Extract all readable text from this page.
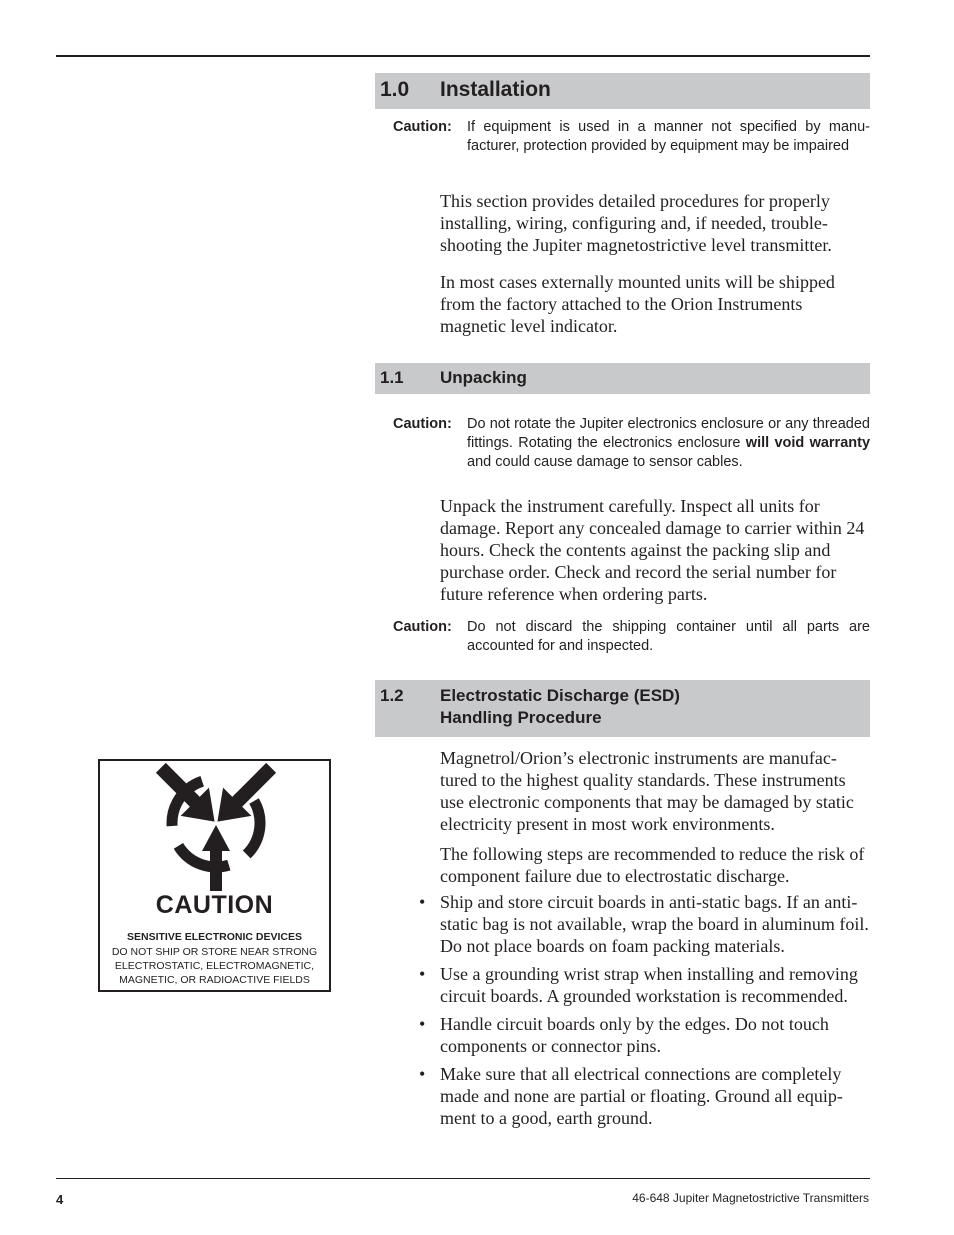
1.0 Installation
Caution: If equipment is used in a manner not specified by manu-facturer, protection provided by equipment may be impaired

This section provides detailed procedures for properly installing, wiring, configuring and, if needed, trouble-shooting the Jupiter magnetostrictive level transmitter.

In most cases externally mounted units will be shipped from the factory attached to the Orion Instruments magnetic level indicator.

1.1 Unpacking
Caution: Do not rotate the Jupiter electronics enclosure or any threaded fittings. Rotating the electronics enclosure will void warranty and could cause damage to sensor cables.

Unpack the instrument carefully. Inspect all units for damage. Report any concealed damage to carrier within 24 hours. Check the contents against the packing slip and purchase order. Check and record the serial number for future reference when ordering parts.

Caution: Do not discard the shipping container until all parts are accounted for and inspected.
1.2 Electrostatic Discharge (ESD)
Handling Procedure

Magnetrol/Orion’s electronic instruments are manufac-tured to the highest quality standards. These instruments use electronic components that may be damaged by static electricity present in most work environments.

The following steps are recommended to reduce the risk of component failure due to electrostatic discharge.

• Ship and store circuit boards in anti-static bags. If an anti-static bag is not available, wrap the board in aluminum foil. Do not place boards on foam packing materials.
• Use a grounding wrist strap when installing and removing circuit boards. A grounded workstation is recommended.
• Handle circuit boards only by the edges. Do not touch components or connector pins.
• Make sure that all electrical connections are completely made and none are partial or floating. Ground all equip-ment to a good, earth ground.
CAUTION
SENSITIVE ELECTRONIC DEVICES
DO NOT SHIP OR STORE NEAR STRONG
ELECTROSTATIC, ELECTROMAGNETIC,
MAGNETIC, OR RADIOACTIVE FIELDS
4	46-648 Jupiter Magnetostrictive Transmitters
